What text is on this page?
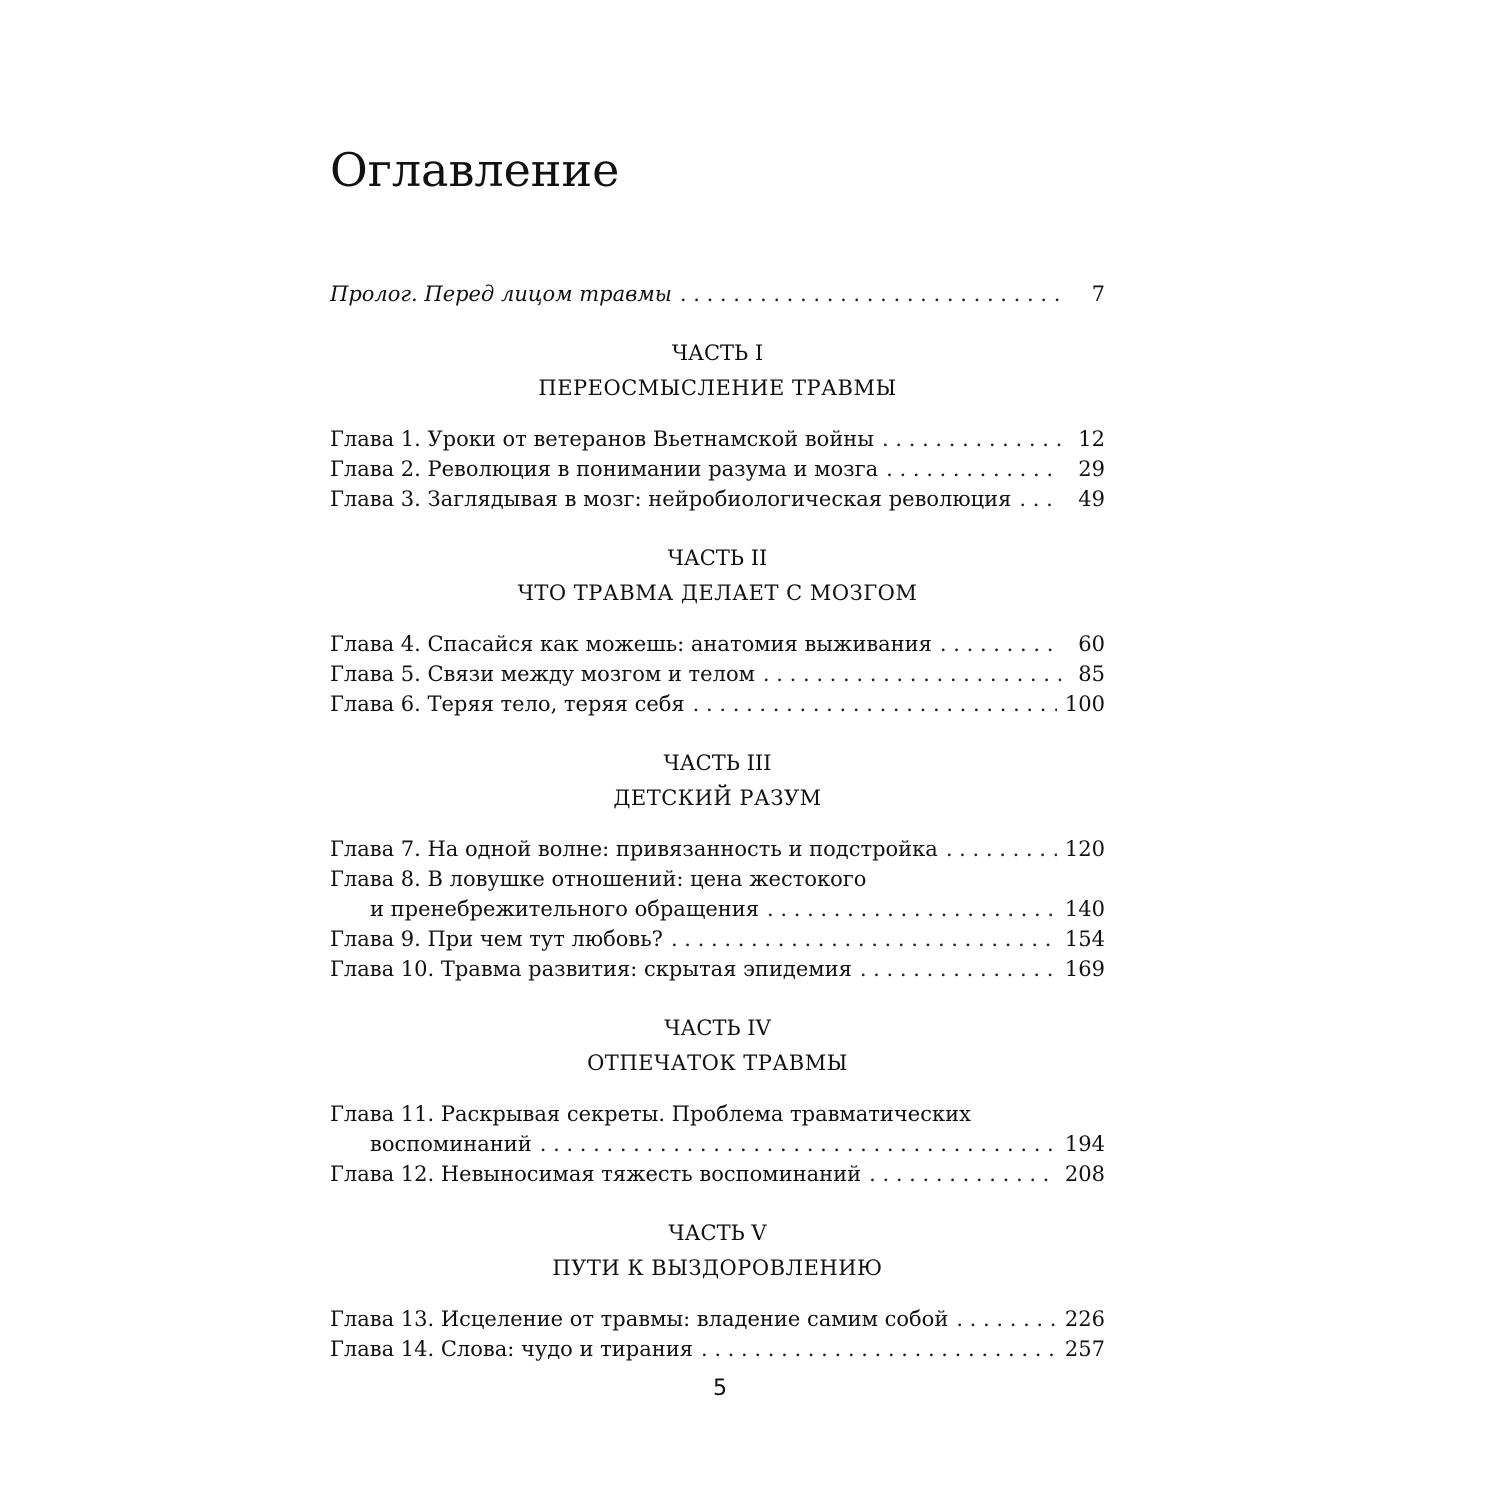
Оглавление
Пролог. Перед лицом травмы . . .	7
ЧАСТЬ I
ПЕРЕОСМЫСЛЕНИЕ ТРАВМЫ
Глава 1. Уроки от ветеранов Вьетнамской войны . . .	12
Глава 2. Революция в понимании разума и мозга . . .	29
Глава 3. Заглядывая в мозг: нейробиологическая революция . . .	49
ЧАСТЬ II
ЧТО ТРАВМА ДЕЛАЕТ С МОЗГОМ
Глава 4. Спасайся как можешь: анатомия выживания . . .	60
Глава 5. Связи между мозгом и телом . . .	85
Глава 6. Теряя тело, теряя себя . . .	100
ЧАСТЬ III
ДЕТСКИЙ РАЗУМ
Глава 7. На одной волне: привязанность и подстройка . . .	120
Глава 8. В ловушке отношений: цена жестокого
и пренебрежительного обращения . . .	140
Глава 9. При чем тут любовь? . . .	154
Глава 10. Травма развития: скрытая эпидемия . . .	169
ЧАСТЬ IV
ОТПЕЧАТОК ТРАВМЫ
Глава 11. Раскрывая секреты. Проблема травматических
воспоминаний . . .	194
Глава 12. Невыносимая тяжесть воспоминаний . . .	208
ЧАСТЬ V
ПУТИ К ВЫЗДОРОВЛЕНИЮ
Глава 13. Исцеление от травмы: владение самим собой . . .	226
Глава 14. Слова: чудо и тирания . . .	257
5
